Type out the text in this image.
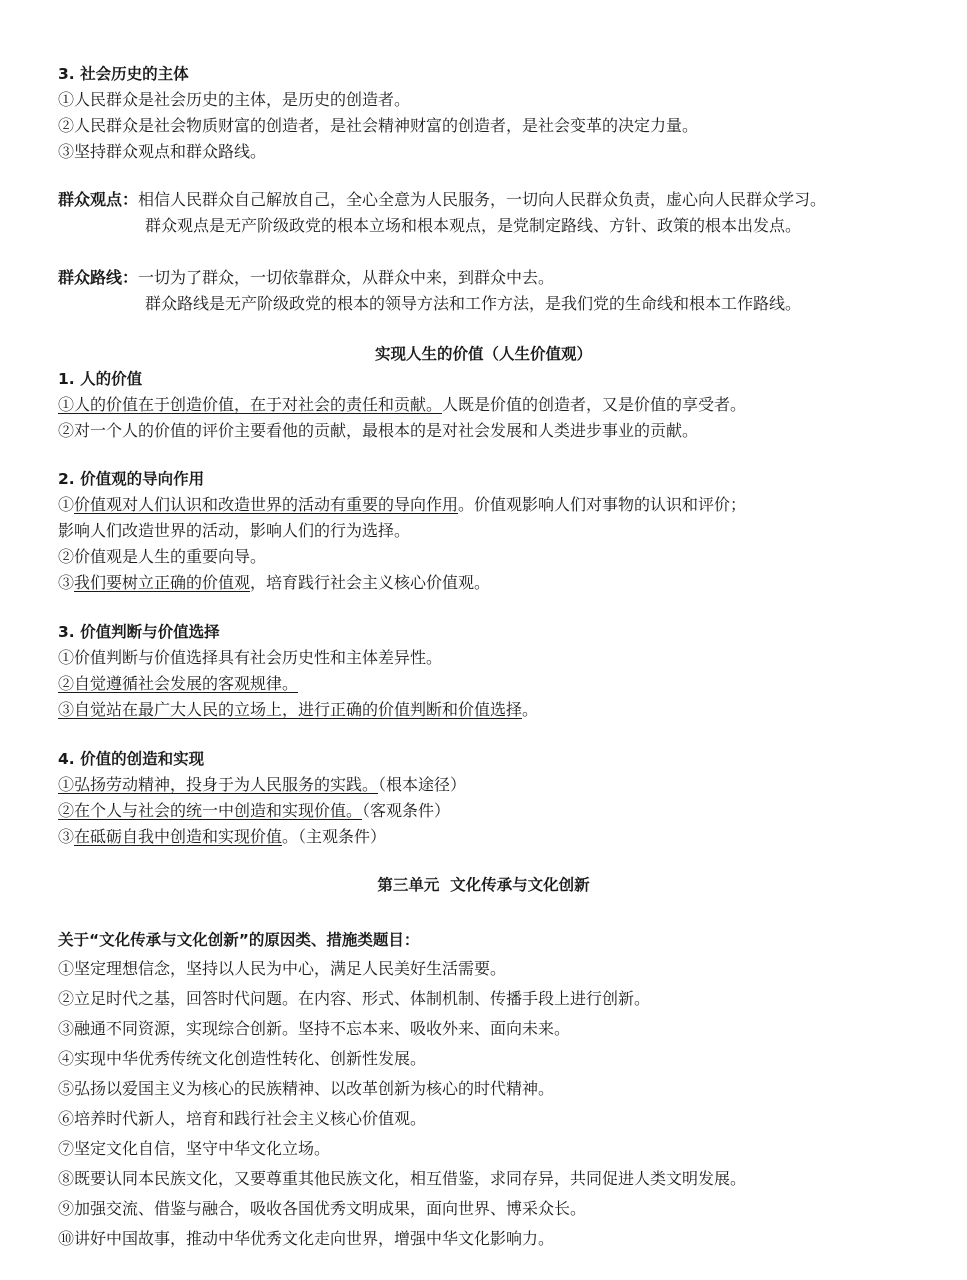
3. 社会历史的主体
①人民群众是社会历史的主体，是历史的创造者。
②人民群众是社会物质财富的创造者，是社会精神财富的创造者，是社会变革的决定力量。
③坚持群众观点和群众路线。
群众观点：相信人民群众自己解放自己，全心全意为人民服务，一切向人民群众负责，虚心向人民群众学习。
群众观点是无产阶级政党的根本立场和根本观点，是党制定路线、方针、政策的根本出发点。
群众路线：一切为了群众，一切依靠群众，从群众中来，到群众中去。
群众路线是无产阶级政党的根本的领导方法和工作方法，是我们党的生命线和根本工作路线。
实现人生的价值（人生价值观）
1. 人的价值
①人的价值在于创造价值，在于对社会的责任和贡献。人既是价值的创造者，又是价值的享受者。
②对一个人的价值的评价主要看他的贡献，最根本的是对社会发展和人类进步事业的贡献。
2. 价值观的导向作用
①价值观对人们认识和改造世界的活动有重要的导向作用。价值观影响人们对事物的认识和评价；
影响人们改造世界的活动，影响人们的行为选择。
②价值观是人生的重要向导。
③我们要树立正确的价值观，培育践行社会主义核心价值观。
3. 价值判断与价值选择
①价值判断与价值选择具有社会历史性和主体差异性。
②自觉遵循社会发展的客观规律。
③自觉站在最广大人民的立场上，进行正确的价值判断和价值选择。
4. 价值的创造和实现
①弘扬劳动精神，投身于为人民服务的实践。（根本途径）
②在个人与社会的统一中创造和实现价值。（客观条件）
③在砥砺自我中创造和实现价值。（主观条件）
第三单元  文化传承与文化创新
关于“文化传承与文化创新”的原因类、措施类题目：
①坚定理想信念，坚持以人民为中心，满足人民美好生活需要。
②立足时代之基，回答时代问题。在内容、形式、体制机制、传播手段上进行创新。
③融通不同资源，实现综合创新。坚持不忘本来、吸收外来、面向未来。
④实现中华优秀传统文化创造性转化、创新性发展。
⑤弘扬以爱国主义为核心的民族精神、以改革创新为核心的时代精神。
⑥培养时代新人，培育和践行社会主义核心价值观。
⑦坚定文化自信，坚守中华文化立场。
⑧既要认同本民族文化，又要尊重其他民族文化，相互借鉴，求同存异，共同促进人类文明发展。
⑨加强交流、借鉴与融合，吸收各国优秀文明成果，面向世界、博采众长。
⑩讲好中国故事，推动中华优秀文化走向世界，增强中华文化影响力。
